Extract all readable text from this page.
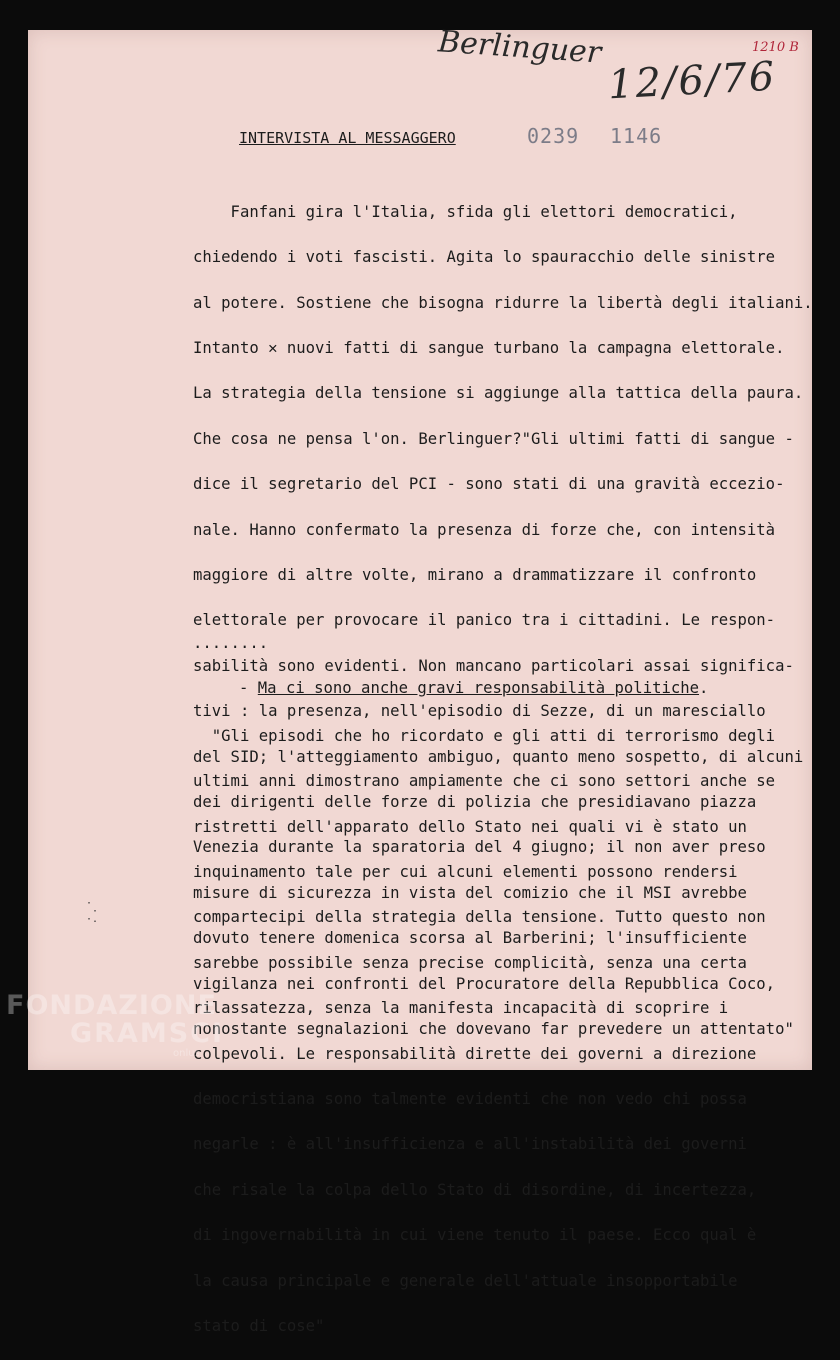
Berlinguer
12/6/76
1210 B
0239 1146
INTERVISTA AL MESSAGGERO

Fanfani gira l'Italia, sfida gli elettori democratici,

chiedendo i voti fascisti. Agita lo spauracchio delle sinistre

al potere. Sostiene che bisogna ridurre la libertà degli italiani.

Intanto ✕ nuovi fatti di sangue turbano la campagna elettorale.

La strategia della tensione si aggiunge alla tattica della paura.

Che cosa ne pensa l'on. Berlinguer?"Gli ultimi fatti di sangue -

dice il segretario del PCI - sono stati di una gravità eccezio-

nale. Hanno confermato la presenza di forze che, con intensità

maggiore di altre volte, mirano a drammatizzare il confronto

elettorale per provocare il panico tra i cittadini. Le respon-

sabilità sono evidenti. Non mancano particolari assai significa-

tivi : la presenza, nell'episodio di Sezze, di un maresciallo

del SID; l'atteggiamento ambiguo, quanto meno sospetto, di alcuni

dei dirigenti delle forze di polizia che presidiavano piazza

Venezia durante la sparatoria del 4 giugno; il non aver preso

misure di sicurezza in vista del comizio che il MSI avrebbe

dovuto tenere domenica scorsa al Barberini; l'insufficiente

vigilanza nei confronti del Procuratore della Repubblica Coco,

nonostante segnalazioni che dovevano far prevedere un attentato"

........
- Ma ci sono anche gravi responsabilità politiche.

"Gli episodi che ho ricordato e gli atti di terrorismo degli

ultimi anni dimostrano ampiamente che ci sono settori anche se

ristretti dell'apparato dello Stato nei quali vi è stato un

inquinamento tale per cui alcuni elementi possono rendersi

compartecipi della strategia della tensione. Tutto questo non

sarebbe possibile senza precise complicità, senza una certa

rilassatezza, senza la manifesta incapacità di scoprire i

colpevoli. Le responsabilità dirette dei governi a direzione

democristiana sono talmente evidenti che non vedo chi possa

negarle : è all'insufficienza e all'instabilità dei governi

che risale la colpa dello Stato di disordine, di incertezza,

di ingovernabilità in cui viene tenuto il paese. Ecco qual è

la causa principale e generale dell'attuale insopportabile

stato di cose"

·
·
·.
FONDAZIONE
GRAMSCI
onlus
